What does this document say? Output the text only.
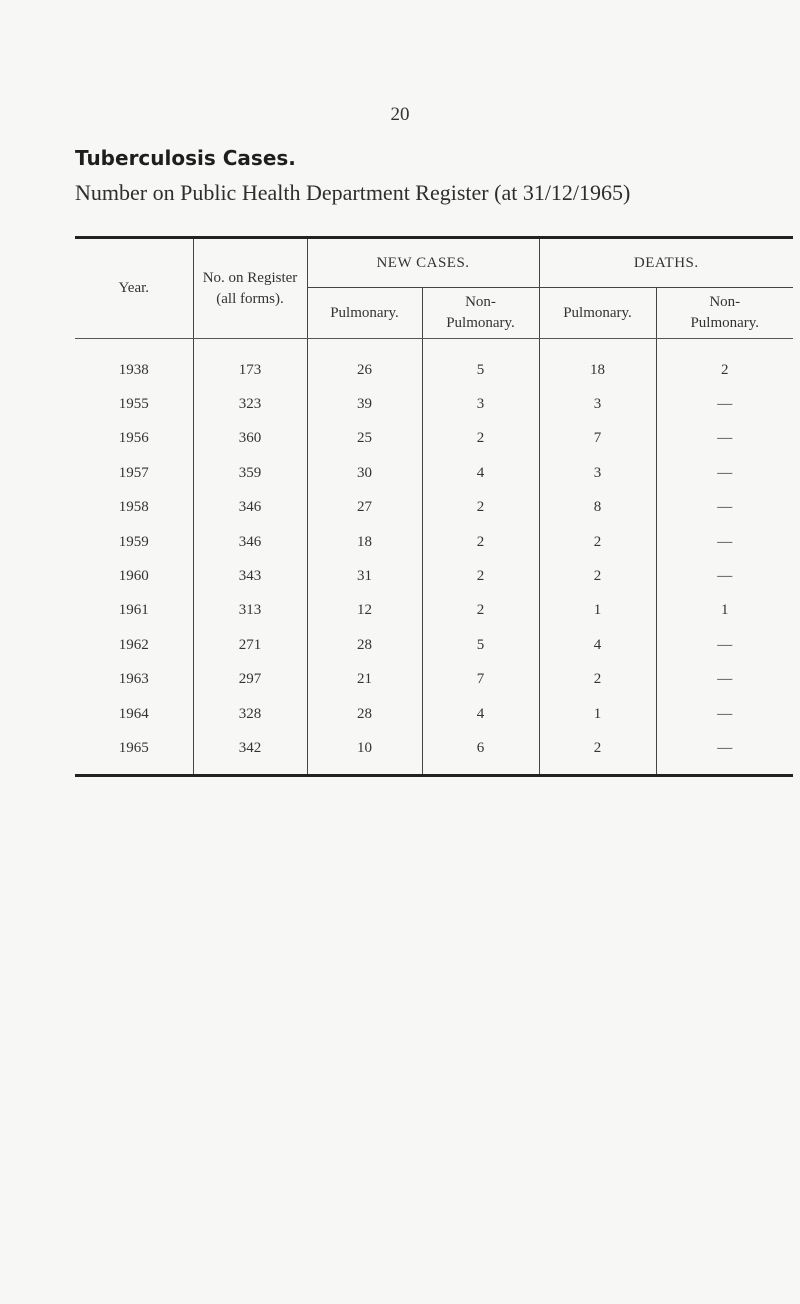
20
Tuberculosis Cases.
Number on Public Health Department Register (at 31/12/1965)
Year.	No. on Register (all forms).	NEW CASES.		DEATHS.	
		Pulmonary.	Non-Pulmonary.	Pulmonary.	Non-Pulmonary.

1938	173	26	5	18	2
1955	323	39	3	3	—
1956	360	25	2	7	—
1957	359	30	4	3	—
1958	346	27	2	8	—
1959	346	18	2	2	—
1960	343	31	2	2	—
1961	313	12	2	1	1
1962	271	28	5	4	—
1963	297	21	7	2	—
1964	328	28	4	1	—
1965	342	10	6	2	—
